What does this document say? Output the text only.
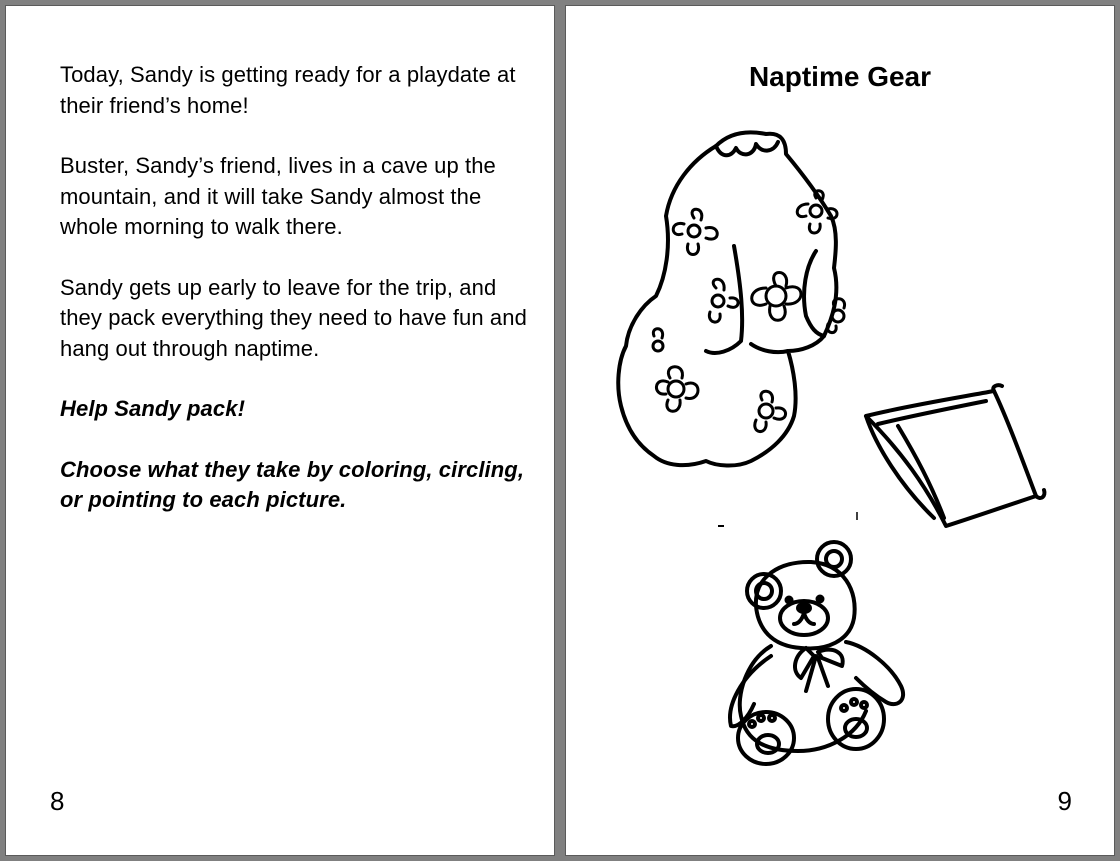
Today, Sandy is getting ready for a playdate at their friend’s home!

Buster, Sandy’s friend, lives in a cave up the mountain, and it will take Sandy almost the whole morning to walk there.

Sandy gets up early to leave for the trip, and they pack everything they need to have fun and hang out through naptime.

Help Sandy pack!

Choose what they take by coloring, circling, or pointing to each picture.

8
Naptime Gear
9
